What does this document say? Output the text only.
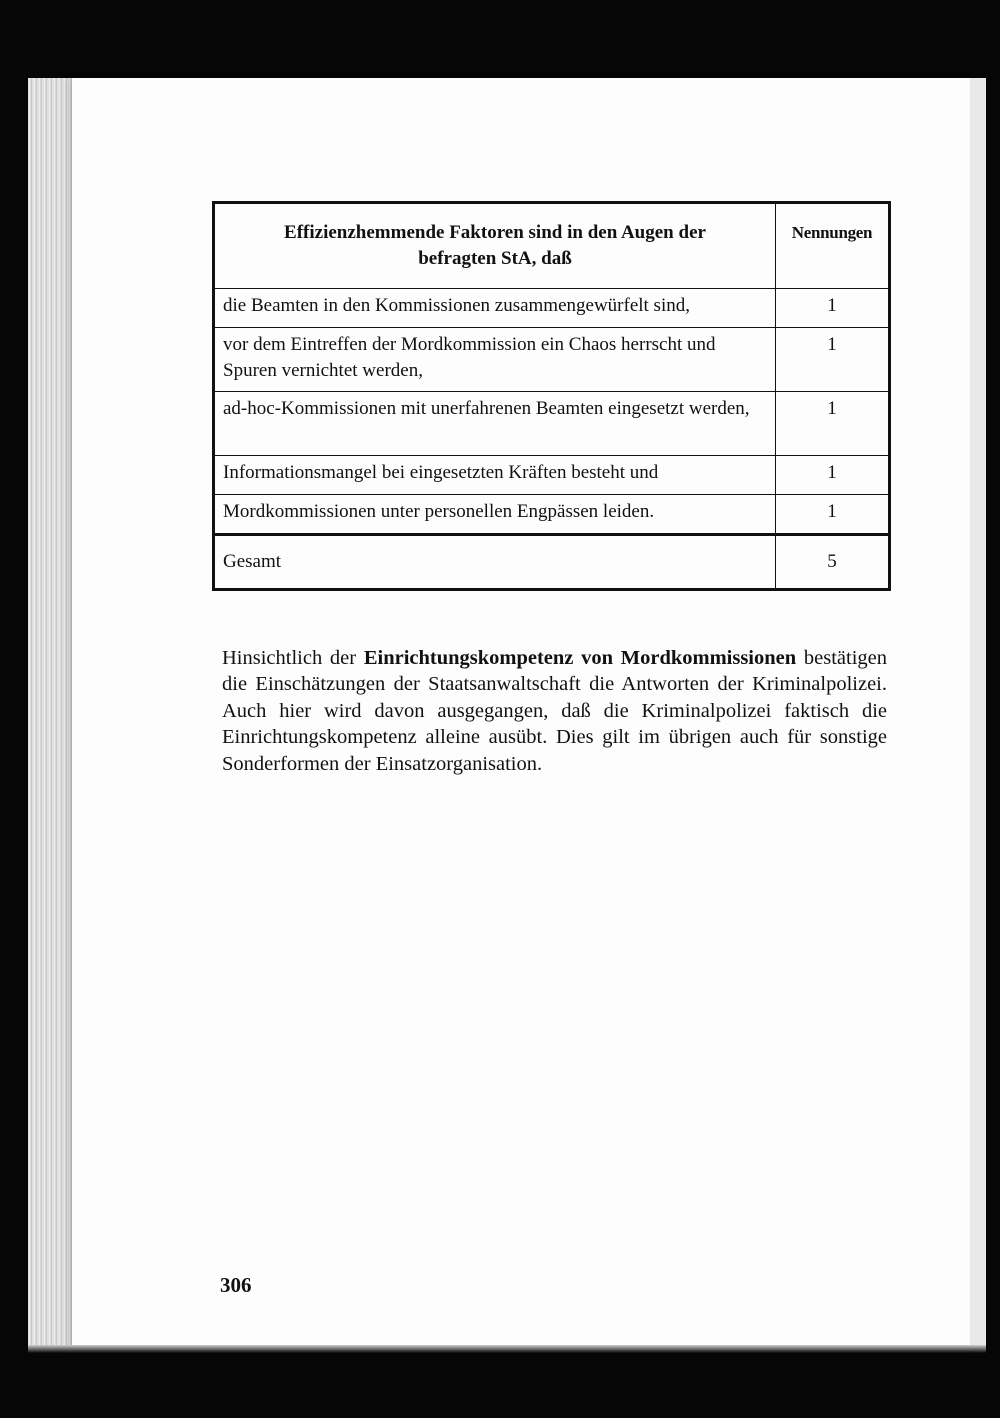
Effizienzhemmende Faktoren sind in den Augen der befragten StA, daß	Nennungen
die Beamten in den Kommissionen zusammengewürfelt sind,	1
vor dem Eintreffen der Mordkommission ein Chaos herrscht und Spuren vernichtet werden,	1
ad-hoc-Kommissionen mit unerfahrenen Beamten eingesetzt werden,	1
Informationsmangel bei eingesetzten Kräften besteht und	1
Mordkommissionen unter personellen Engpässen leiden.	1
Gesamt	5

Hinsichtlich der Einrichtungskompetenz von Mordkommissionen bestätigen die Einschätzungen der Staatsanwaltschaft die Antworten der Kriminalpolizei. Auch hier wird davon ausgegangen, daß die Kriminalpolizei faktisch die Einrichtungskompetenz alleine ausübt. Dies gilt im übrigen auch für sonstige Sonderformen der Einsatzorganisation.

306
